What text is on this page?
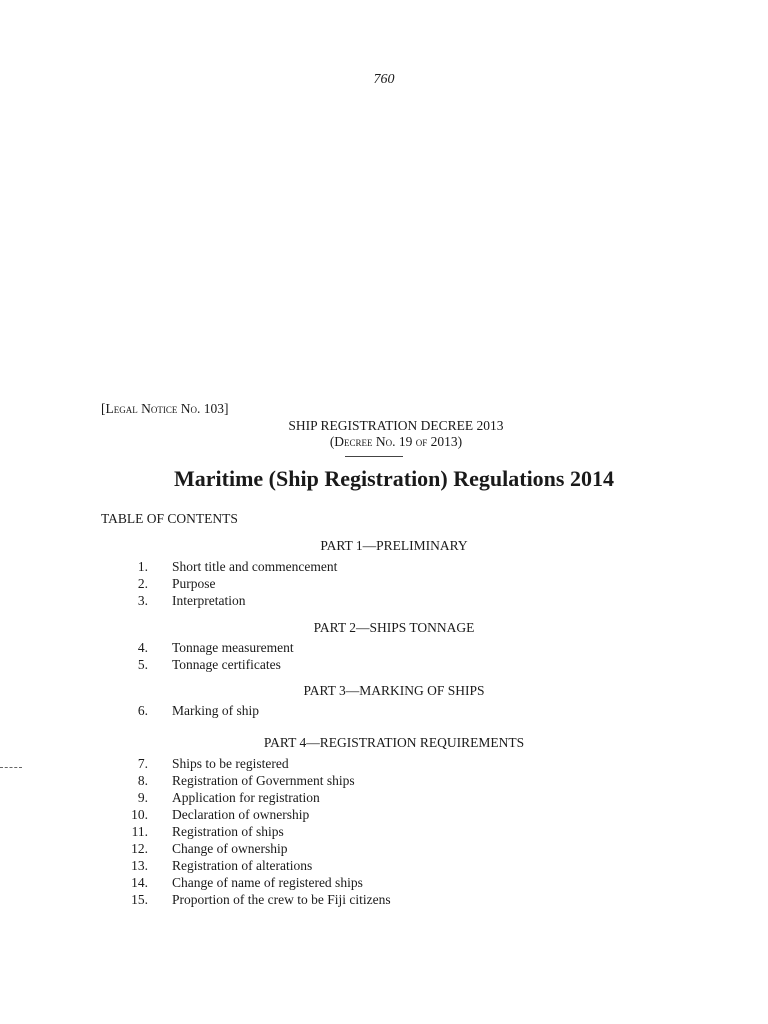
760
[Legal Notice No. 103]
SHIP REGISTRATION DECREE 2013
(Decree No. 19 of 2013)
Maritime (Ship Registration) Regulations 2014
TABLE OF CONTENTS
PART 1—PRELIMINARY
1. Short title and commencement
2. Purpose
3. Interpretation
PART 2—SHIPS TONNAGE
4. Tonnage measurement
5. Tonnage certificates
PART 3—MARKING OF SHIPS
6. Marking of ship
PART 4—REGISTRATION REQUIREMENTS
7. Ships to be registered
8. Registration of Government ships
9. Application for registration
10. Declaration of ownership
11. Registration of ships
12. Change of ownership
13. Registration of alterations
14. Change of name of registered ships
15. Proportion of the crew to be Fiji citizens
